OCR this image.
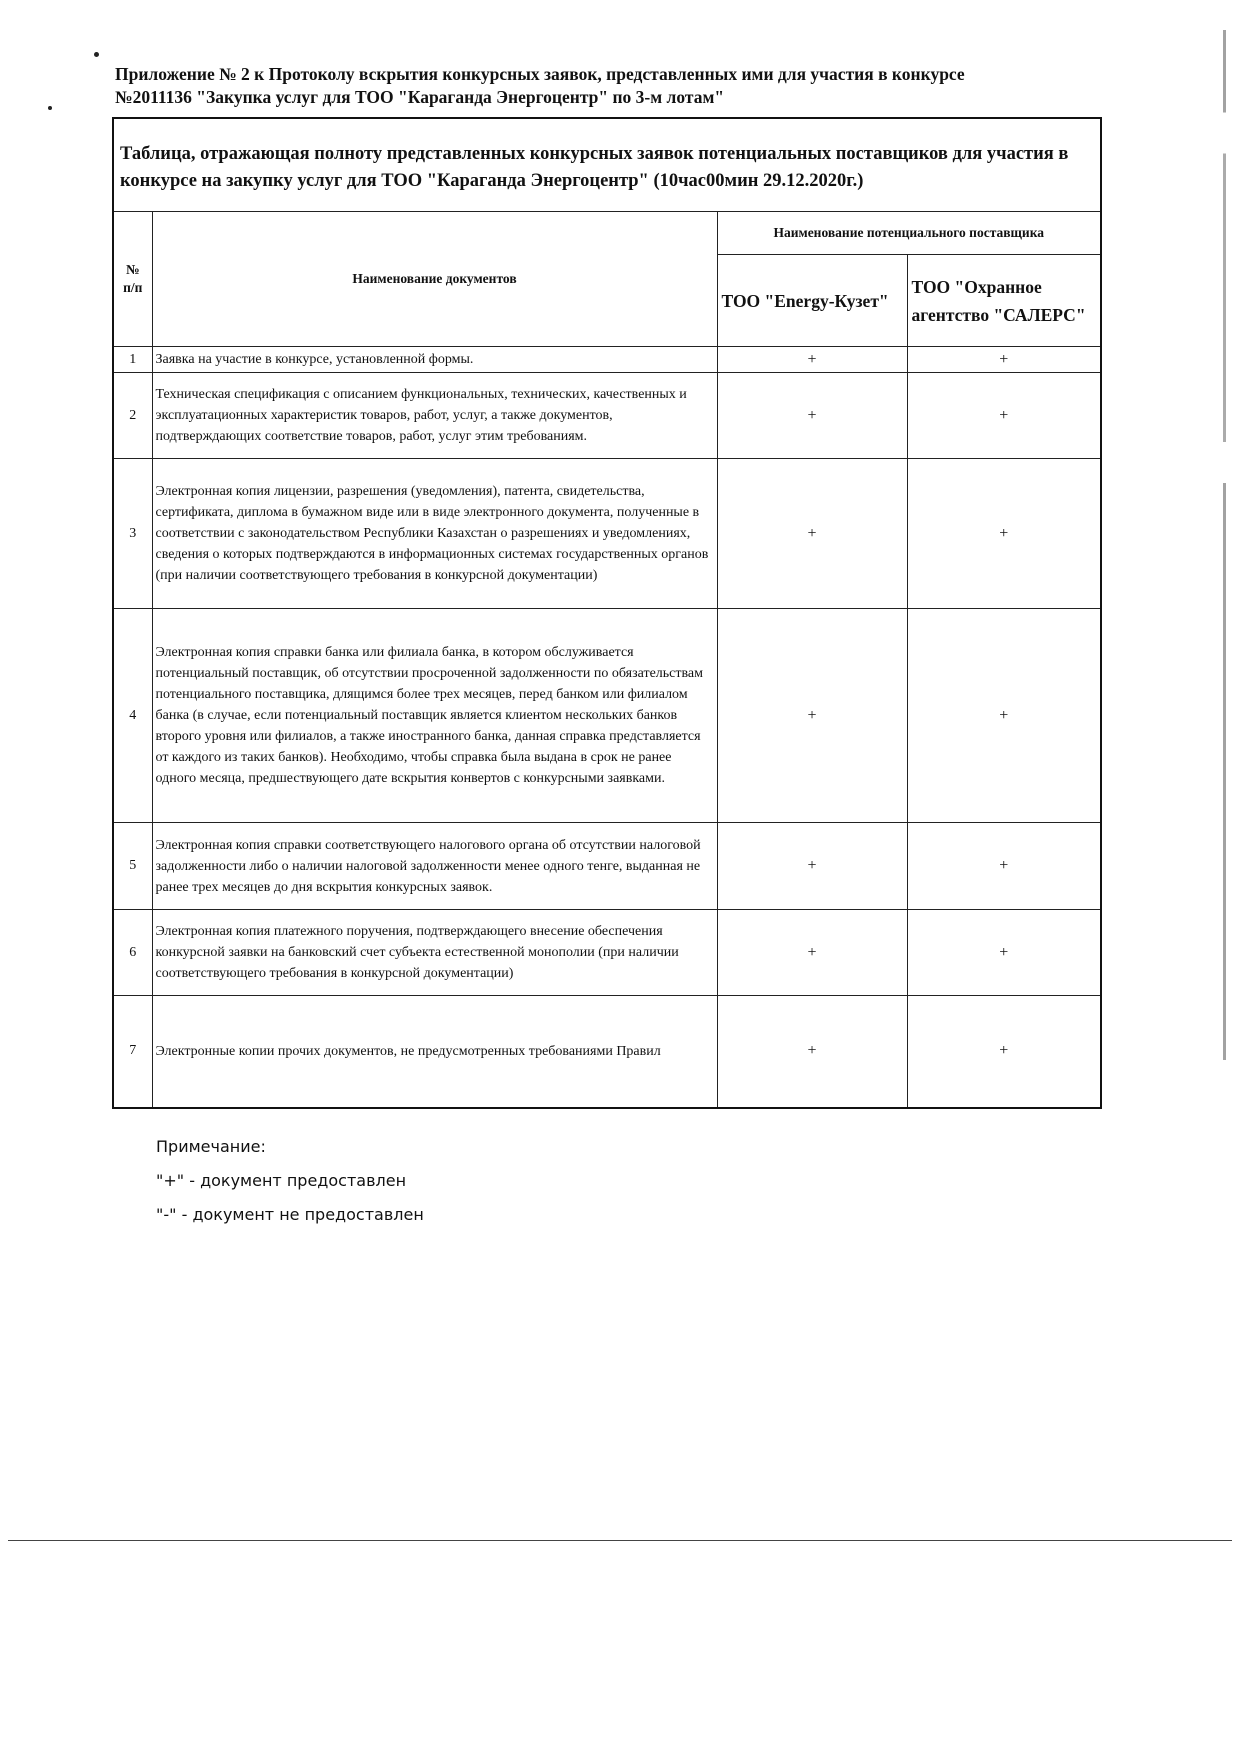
Приложение № 2 к Протоколу вскрытия конкурсных заявок, представленных ими для участия в конкурсе
№2011136 "Закупка услуг для ТОО "Караганда Энергоцентр" по 3-м лотам"
Таблица, отражающая полноту представленных конкурсных заявок потенциальных поставщиков для участия в конкурсе на закупку услуг для ТОО "Караганда Энергоцентр" (10час00мин 29.12.2020г.)			

№
п/п	Наименование документов	Наименование потенциального поставщика	
		ТОО "Energy-Кузет"	ТОО "Охранное агентство "САЛЕРС"
1	Заявка на участие в конкурсе, установленной формы.	+	+
2	Техническая спецификация с описанием функциональных, технических, качественных и эксплуатационных характеристик товаров, работ, услуг, а также документов, подтверждающих соответствие товаров, работ, услуг этим требованиям.	+	+
3	Электронная копия лицензии, разрешения (уведомления), патента, свидетельства, сертификата, диплома в бумажном виде или в виде электронного документа, полученные в соответствии с законодательством Республики Казахстан о разрешениях и уведомлениях, сведения о которых подтверждаются в информационных системах государственных органов (при наличии соответствующего требования в конкурсной документации)	+	+
4	Электронная копия справки банка или филиала банка, в котором обслуживается потенциальный поставщик, об отсутствии просроченной задолженности по обязательствам потенциального поставщика, длящимся более трех месяцев, перед банком или филиалом банка (в случае, если потенциальный поставщик является клиентом нескольких банков второго уровня или филиалов, а также иностранного банка, данная справка представляется от каждого из таких банков). Необходимо, чтобы справка была выдана в срок не ранее одного месяца, предшествующего дате вскрытия конвертов с конкурсными заявками.	+	+
5	Электронная копия справки соответствующего налогового органа об отсутствии налоговой задолженности либо о наличии налоговой задолженности менее одного тенге, выданная не ранее трех месяцев до дня вскрытия конкурсных заявок.	+	+
6	Электронная копия платежного поручения, подтверждающего внесение обеспечения конкурсной заявки на банковский счет субъекта естественной монополии (при наличии соответствующего требования в конкурсной документации)	+	+
7	Электронные копии прочих документов, не предусмотренных требованиями Правил	+	+
Примечание:
"+" - документ предоставлен
"-" - документ не предоставлен
